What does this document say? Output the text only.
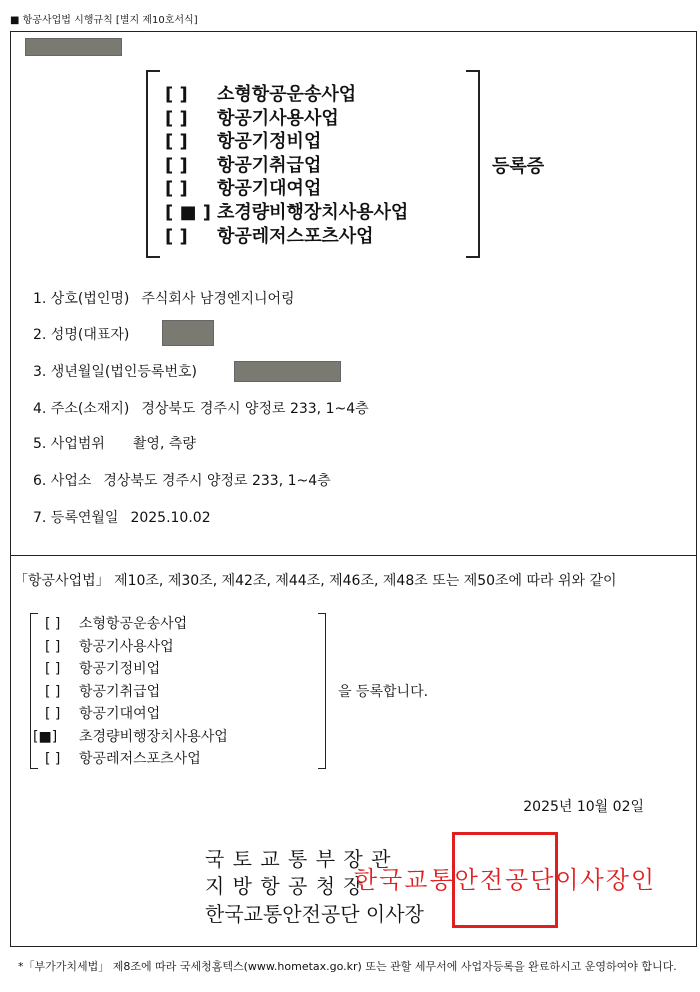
■ 항공사업법 시행규칙 [별지 제10호서식]
등록증
「항공사업법」 제10조, 제30조, 제42조, 제44조, 제46조, 제48조 또는 제50조에 따라 위와 같이
을 등록합니다.
2025년 10월 02일
국 토 교 통 부 장 관
지 방 항 공 청 장
한국교통안전공단 이사장
한국교통안전공단이사장인
*「부가가치세법」 제8조에 따라 국세청홈텍스(www.hometax.go.kr) 또는 관할 세무서에 사업자등록을 완료하시고 운영하여야 합니다.
[ ] 소형항공운송사업
[ ] 항공기사용사업
[ ] 항공기정비업
[ ] 항공기취급업
[ ] 항공기대여업
[ ■ ] 초경량비행장치사용사업
[ ] 항공레저스포츠사업
1. 상호(법인명) 주식회사 남경엔지니어링
2. 성명(대표자)
3. 생년월일(법인등록번호)
4. 주소(소재지) 경상북도 경주시 양정로 233, 1~4층
5. 사업범위 촬영, 측량
6. 사업소 경상북도 경주시 양정로 233, 1~4층
7. 등록연월일 2025.10.02
[ ] 소형항공운송사업
[ ] 항공기사용사업
[ ] 항공기정비업
[ ] 항공기취급업
[ ] 항공기대여업
[■] 초경량비행장치사용사업
[ ] 항공레저스포츠사업
